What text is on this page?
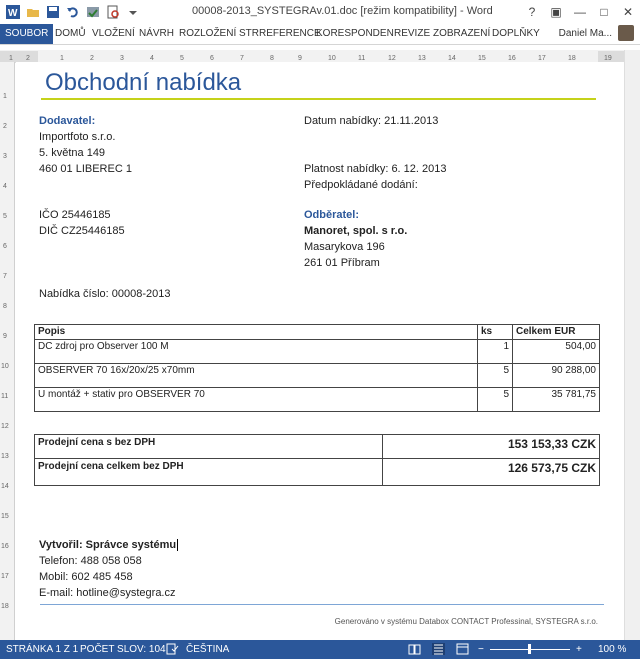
W	00008-2013_SYSTEGRAv.01.doc [režim kompatibility] - Word	?	▣	—	□	✕
SOUBOR DOMŮ VLOŽENÍ NÁVRH ROZLOŽENÍ STR REFERENCE
KORESPONDEN REVIZE ZOBRAZENÍ DOPLŇKY Daniel Ma...
1 2	1	2	3	4	5	6	7	8	9	10	11	12	13	14	15	16	17	18	19
1
2
3
4
5
6
7
8
9
10
11
12
13
14
15
16
17
18
Obchodní nabídka
Dodavatel:
Importfoto s.r.o.
5. května 149
460 01 LIBEREC 1
IČO 25446185
DIČ CZ25446185
Datum nabídky: 21.11.2013
Platnost nabídky: 6. 12. 2013
Předpokládané dodání:
Odběratel:
Manoret, spol. s r.o.
Masarykova 196
261 01 Příbram
Nabídka číslo: 00008-2013
Popis	ks	Celkem EUR
DC zdroj pro Observer 100 M	1	504,00
OBSERVER 70 16x/20x/25 x70mm	5	90 288,00
U montáž + stativ pro OBSERVER 70	5	35 781,75
Prodejní cena s bez DPH	153 153,33 CZK
Prodejní cena celkem bez DPH	126 573,75 CZK
Vytvořil: Správce systému
Telefon: 488 058 058
Mobil: 602 485 458
E-mail: hotline@systegra.cz
Generováno v systému Databox CONTACT Professinal, SYSTEGRA s.r.o.
STRÁNKA 1 Z 1 POČET SLOV: 104 ČEŠTINA	−	+ 100 %
